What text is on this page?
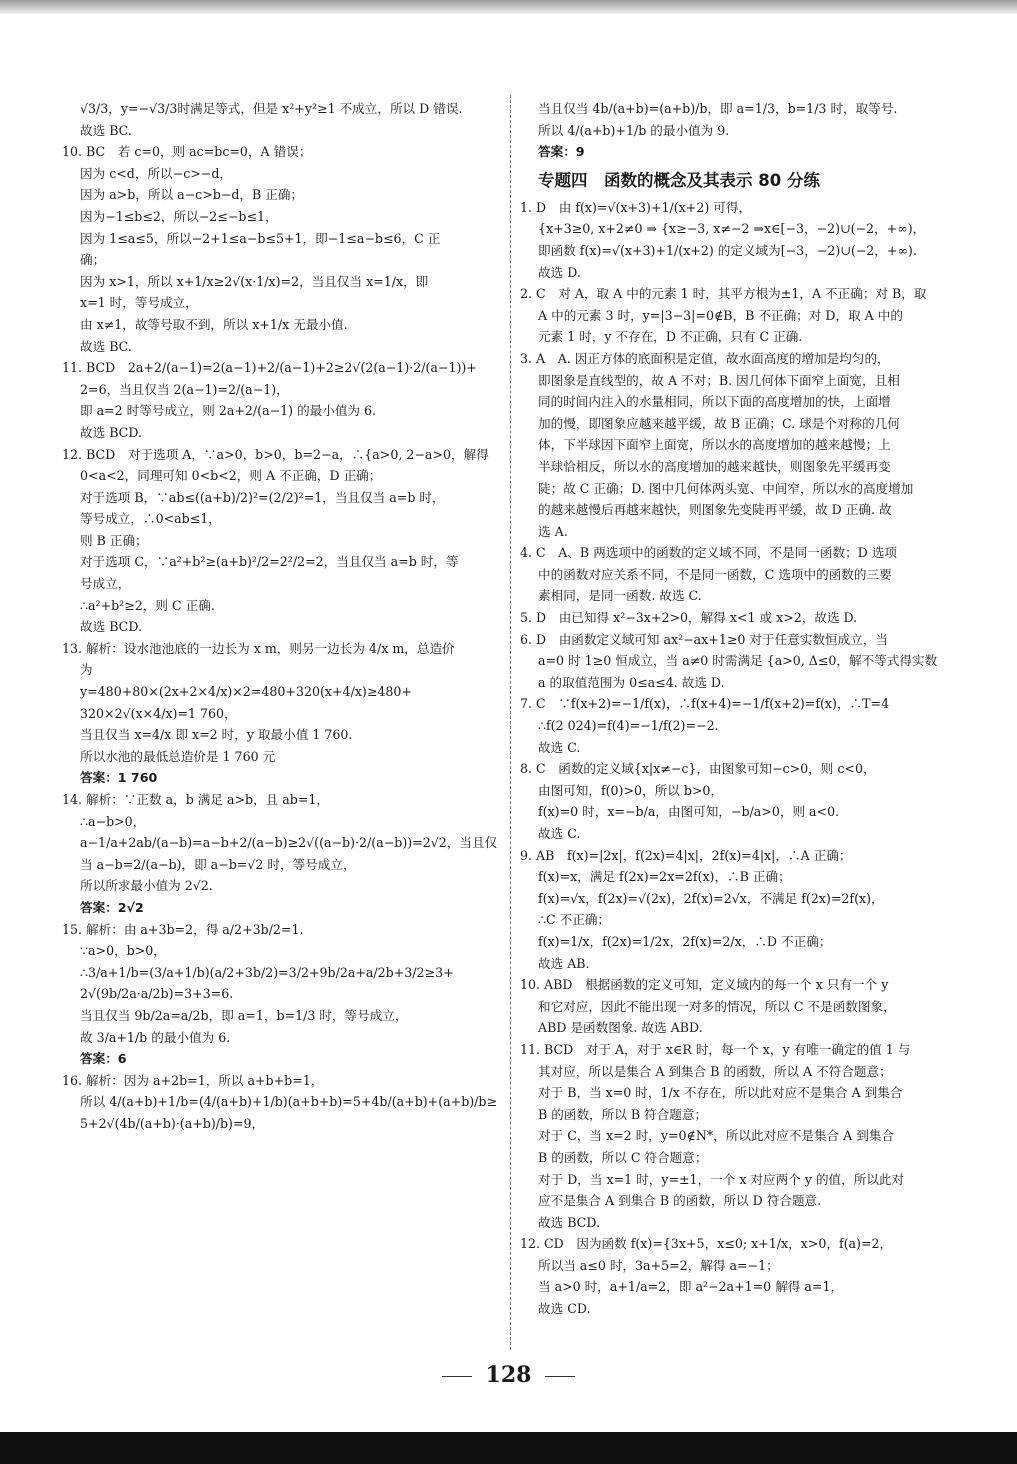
√3/3，y=−√3/3时满足等式，但是 x²+y²≥1 不成立，所以 D 错误.
故选 BC.
10. BC　若 c=0，则 ac=bc=0，A 错误；
因为 c<d，所以−c>−d，
因为 a>b，所以 a−c>b−d，B 正确；
因为−1≤b≤2，所以−2≤−b≤1，
因为 1≤a≤5，所以−2+1≤a−b≤5+1，即−1≤a−b≤6，C 正
确；
因为 x>1，所以 x+1/x≥2√(x·1/x)=2，当且仅当 x=1/x，即
x=1 时，等号成立，
由 x≠1，故等号取不到，所以 x+1/x 无最小值.
故选 BC.
11. BCD　2a+2/(a−1)=2(a−1)+2/(a−1)+2≥2√(2(a−1)·2/(a−1))+
2=6，当且仅当 2(a−1)=2/(a−1)，
即 a=2 时等号成立，则 2a+2/(a−1) 的最小值为 6.
故选 BCD.
12. BCD　对于选项 A，∵a>0，b>0，b=2−a，∴{a>0, 2−a>0，解得
0<a<2，同理可知 0<b<2，则 A 不正确，D 正确；
对于选项 B，∵ab≤((a+b)/2)²=(2/2)²=1，当且仅当 a=b 时，
等号成立，∴0<ab≤1，
则 B 正确；
对于选项 C，∵a²+b²≥(a+b)²/2=2²/2=2，当且仅当 a=b 时，等
号成立，
∴a²+b²≥2，则 C 正确.
故选 BCD.
13. 解析：设水池池底的一边长为 x m，则另一边长为 4/x m，总造价
为
y=480+80×(2x+2×4/x)×2=480+320(x+4/x)≥480+
320×2√(x×4/x)=1 760，
当且仅当 x=4/x 即 x=2 时，y 取最小值 1 760.
所以水池的最低总造价是 1 760 元
答案：1 760
14. 解析：∵正数 a，b 满足 a>b，且 ab=1，
∴a−b>0，
a−1/a+2ab/(a−b)=a−b+2/(a−b)≥2√((a−b)·2/(a−b))=2√2，当且仅
当 a−b=2/(a−b)，即 a−b=√2 时，等号成立，
所以所求最小值为 2√2.
答案：2√2
15. 解析：由 a+3b=2，得 a/2+3b/2=1.
∵a>0，b>0，
∴3/a+1/b=(3/a+1/b)(a/2+3b/2)=3/2+9b/2a+a/2b+3/2≥3+
2√(9b/2a·a/2b)=3+3=6.
当且仅当 9b/2a=a/2b，即 a=1，b=1/3 时，等号成立，
故 3/a+1/b 的最小值为 6.
答案：6
16. 解析：因为 a+2b=1，所以 a+b+b=1，
所以 4/(a+b)+1/b=(4/(a+b)+1/b)(a+b+b)=5+4b/(a+b)+(a+b)/b≥
5+2√(4b/(a+b)·(a+b)/b)=9，
当且仅当 4b/(a+b)=(a+b)/b，即 a=1/3，b=1/3 时，取等号.
所以 4/(a+b)+1/b 的最小值为 9.
答案：9
专题四　函数的概念及其表示 80 分练
1. D　由 f(x)=√(x+3)+1/(x+2) 可得，
{x+3≥0, x+2≠0 ⇒ {x≥−3, x≠−2 ⇒x∈[−3，−2)∪(−2，+∞)，
即函数 f(x)=√(x+3)+1/(x+2) 的定义域为[−3，−2)∪(−2，+∞).
故选 D.
2. C　对 A，取 A 中的元素 1 时，其平方根为±1，A 不正确；对 B，取
A 中的元素 3 时，y=|3−3|=0∉B，B 不正确；对 D，取 A 中的
元素 1 时，y 不存在，D 不正确，只有 C 正确.
3. A　A. 因正方体的底面积是定值，故水面高度的增加是均匀的，
即图象是直线型的，故 A 不对；B. 因几何体下面窄上面宽，且相
同的时间内注入的水量相同，所以下面的高度增加的快，上面增
加的慢，即图象应越来越平缓，故 B 正确；C. 球是个对称的几何
体，下半球因下面窄上面宽，所以水的高度增加的越来越慢；上
半球恰相反，所以水的高度增加的越来越快，则图象先平缓再变
陡；故 C 正确；D. 图中几何体两头宽、中间窄，所以水的高度增加
的越来越慢后再越来越快，则图象先变陡再平缓，故 D 正确. 故
选 A.
4. C　A、B 两选项中的函数的定义域不同，不是同一函数；D 选项
中的函数对应关系不同，不是同一函数，C 选项中的函数的三要
素相同，是同一函数. 故选 C.
5. D　由已知得 x²−3x+2>0，解得 x<1 或 x>2，故选 D.
6. D　由函数定义域可知 ax²−ax+1≥0 对于任意实数恒成立，当
a=0 时 1≥0 恒成立，当 a≠0 时需满足 {a>0, Δ≤0，解不等式得实数
a 的取值范围为 0≤a≤4. 故选 D.
7. C　∵f(x+2)=−1/f(x)，∴f(x+4)=−1/f(x+2)=f(x)，∴T=4
∴f(2 024)=f(4)=−1/f(2)=−2.
故选 C.
8. C　函数的定义域{x|x≠−c}，由图象可知−c>0，则 c<0，
由图可知，f(0)>0，所以 b>0，
f(x)=0 时，x=−b/a，由图可知，−b/a>0，则 a<0.
故选 C.
9. AB　f(x)=|2x|，f(2x)=4|x|，2f(x)=4|x|，∴A 正确；
f(x)=x，满足 f(2x)=2x=2f(x)，∴B 正确；
f(x)=√x，f(2x)=√(2x)，2f(x)=2√x，不满足 f(2x)=2f(x)，
∴C 不正确；
f(x)=1/x，f(2x)=1/2x，2f(x)=2/x，∴D 不正确；
故选 AB.
10. ABD　根据函数的定义可知，定义域内的每一个 x 只有一个 y
和它对应，因此不能出现一对多的情况，所以 C 不是函数图象，
ABD 是函数图象. 故选 ABD.
11. BCD　对于 A，对于 x∈R 时，每一个 x，y 有唯一确定的值 1 与
其对应，所以是集合 A 到集合 B 的函数，所以 A 不符合题意；
对于 B，当 x=0 时，1/x 不存在，所以此对应不是集合 A 到集合
B 的函数，所以 B 符合题意；
对于 C，当 x=2 时，y=0∉N*，所以此对应不是集合 A 到集合
B 的函数，所以 C 符合题意；
对于 D，当 x=1 时，y=±1，一个 x 对应两个 y 的值，所以此对
应不是集合 A 到集合 B 的函数，所以 D 符合题意.
故选 BCD.
12. CD　因为函数 f(x)={3x+5，x≤0; x+1/x，x>0，f(a)=2，
所以当 a≤0 时，3a+5=2，解得 a=−1；
当 a>0 时，a+1/a=2，即 a²−2a+1=0 解得 a=1，
故选 CD.
128
